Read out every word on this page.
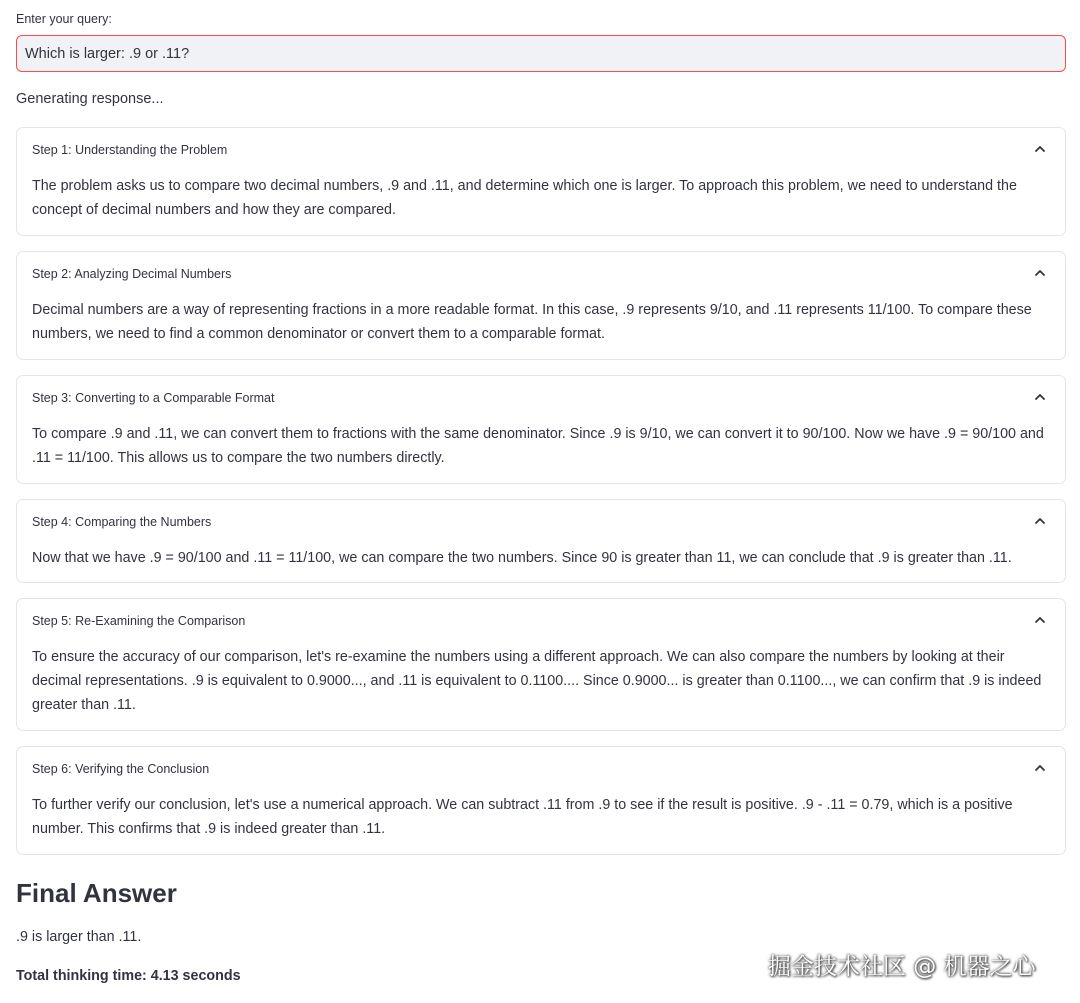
Enter your query:
Which is larger: .9 or .11?
Generating response...
Step 1: Understanding the Problem
The problem asks us to compare two decimal numbers, .9 and .11, and determine which one is larger. To approach this problem, we need to understand the concept of decimal numbers and how they are compared.
Step 2: Analyzing Decimal Numbers
Decimal numbers are a way of representing fractions in a more readable format. In this case, .9 represents 9/10, and .11 represents 11/100. To compare these numbers, we need to find a common denominator or convert them to a comparable format.
Step 3: Converting to a Comparable Format
To compare .9 and .11, we can convert them to fractions with the same denominator. Since .9 is 9/10, we can convert it to 90/100. Now we have .9 = 90/100 and .11 = 11/100. This allows us to compare the two numbers directly.
Step 4: Comparing the Numbers
Now that we have .9 = 90/100 and .11 = 11/100, we can compare the two numbers. Since 90 is greater than 11, we can conclude that .9 is greater than .11.
Step 5: Re-Examining the Comparison
To ensure the accuracy of our comparison, let's re-examine the numbers using a different approach. We can also compare the numbers by looking at their decimal representations. .9 is equivalent to 0.9000..., and .11 is equivalent to 0.1100.... Since 0.9000... is greater than 0.1100..., we can confirm that .9 is indeed greater than .11.
Step 6: Verifying the Conclusion
To further verify our conclusion, let's use a numerical approach. We can subtract .11 from .9 to see if the result is positive. .9 - .11 = 0.79, which is a positive number. This confirms that .9 is indeed greater than .11.
Final Answer
.9 is larger than .11.
Total thinking time: 4.13 seconds	掘金技术社区 @ 机器之心
